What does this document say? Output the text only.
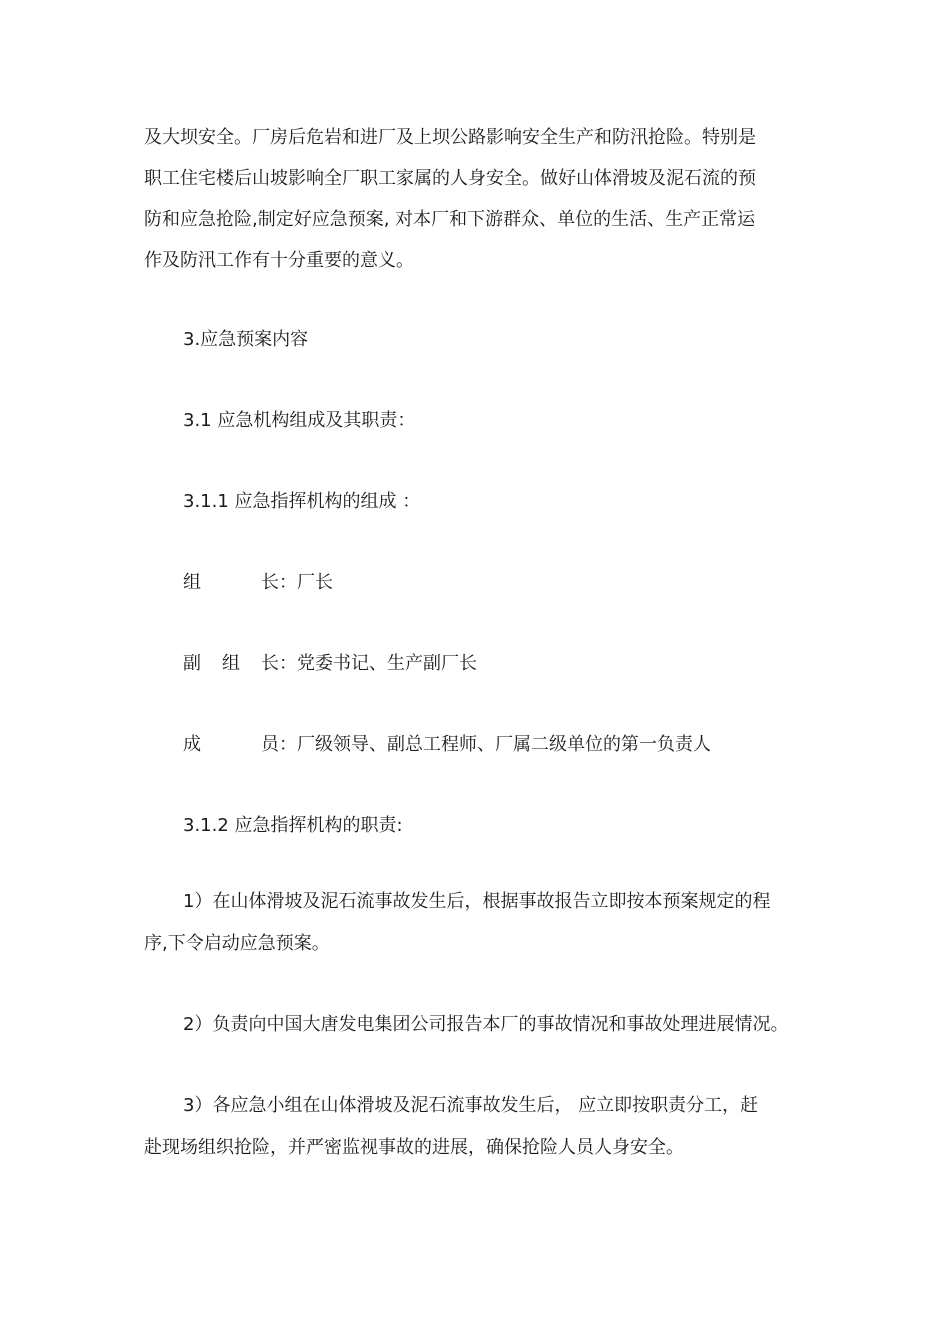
及大坝安全。厂房后危岩和进厂及上坝公路影响安全生产和防汛抢险。特别是
职工住宅楼后山坡影响全厂职工家属的人身安全。做好山体滑坡及泥石流的预
防和应急抢险,制定好应急预案, 对本厂和下游群众、单位的生活、生产正常运
作及防汛工作有十分重要的意义。
3.应急预案内容
3.1 应急机构组成及其职责：
3.1.1 应急指挥机构的组成 ：
组	长 ：厂长
副 组 长 ：党委书记、生产副厂长
成	员 ：厂级领导、副总工程师、厂属二级单位的第一负责人
3.1.2 应急指挥机构的职责:
1）在山体滑坡及泥石流事故发生后，根据事故报告立即按本预案规定的程
序,下令启动应急预案。
2）负责向中国大唐发电集团公司报告本厂的事故情况和事故处理进展情况。
3）各应急小组在山体滑坡及泥石流事故发生后， 应立即按职责分工，赶
赴现场组织抢险，并严密监视事故的进展，确保抢险人员人身安全。
